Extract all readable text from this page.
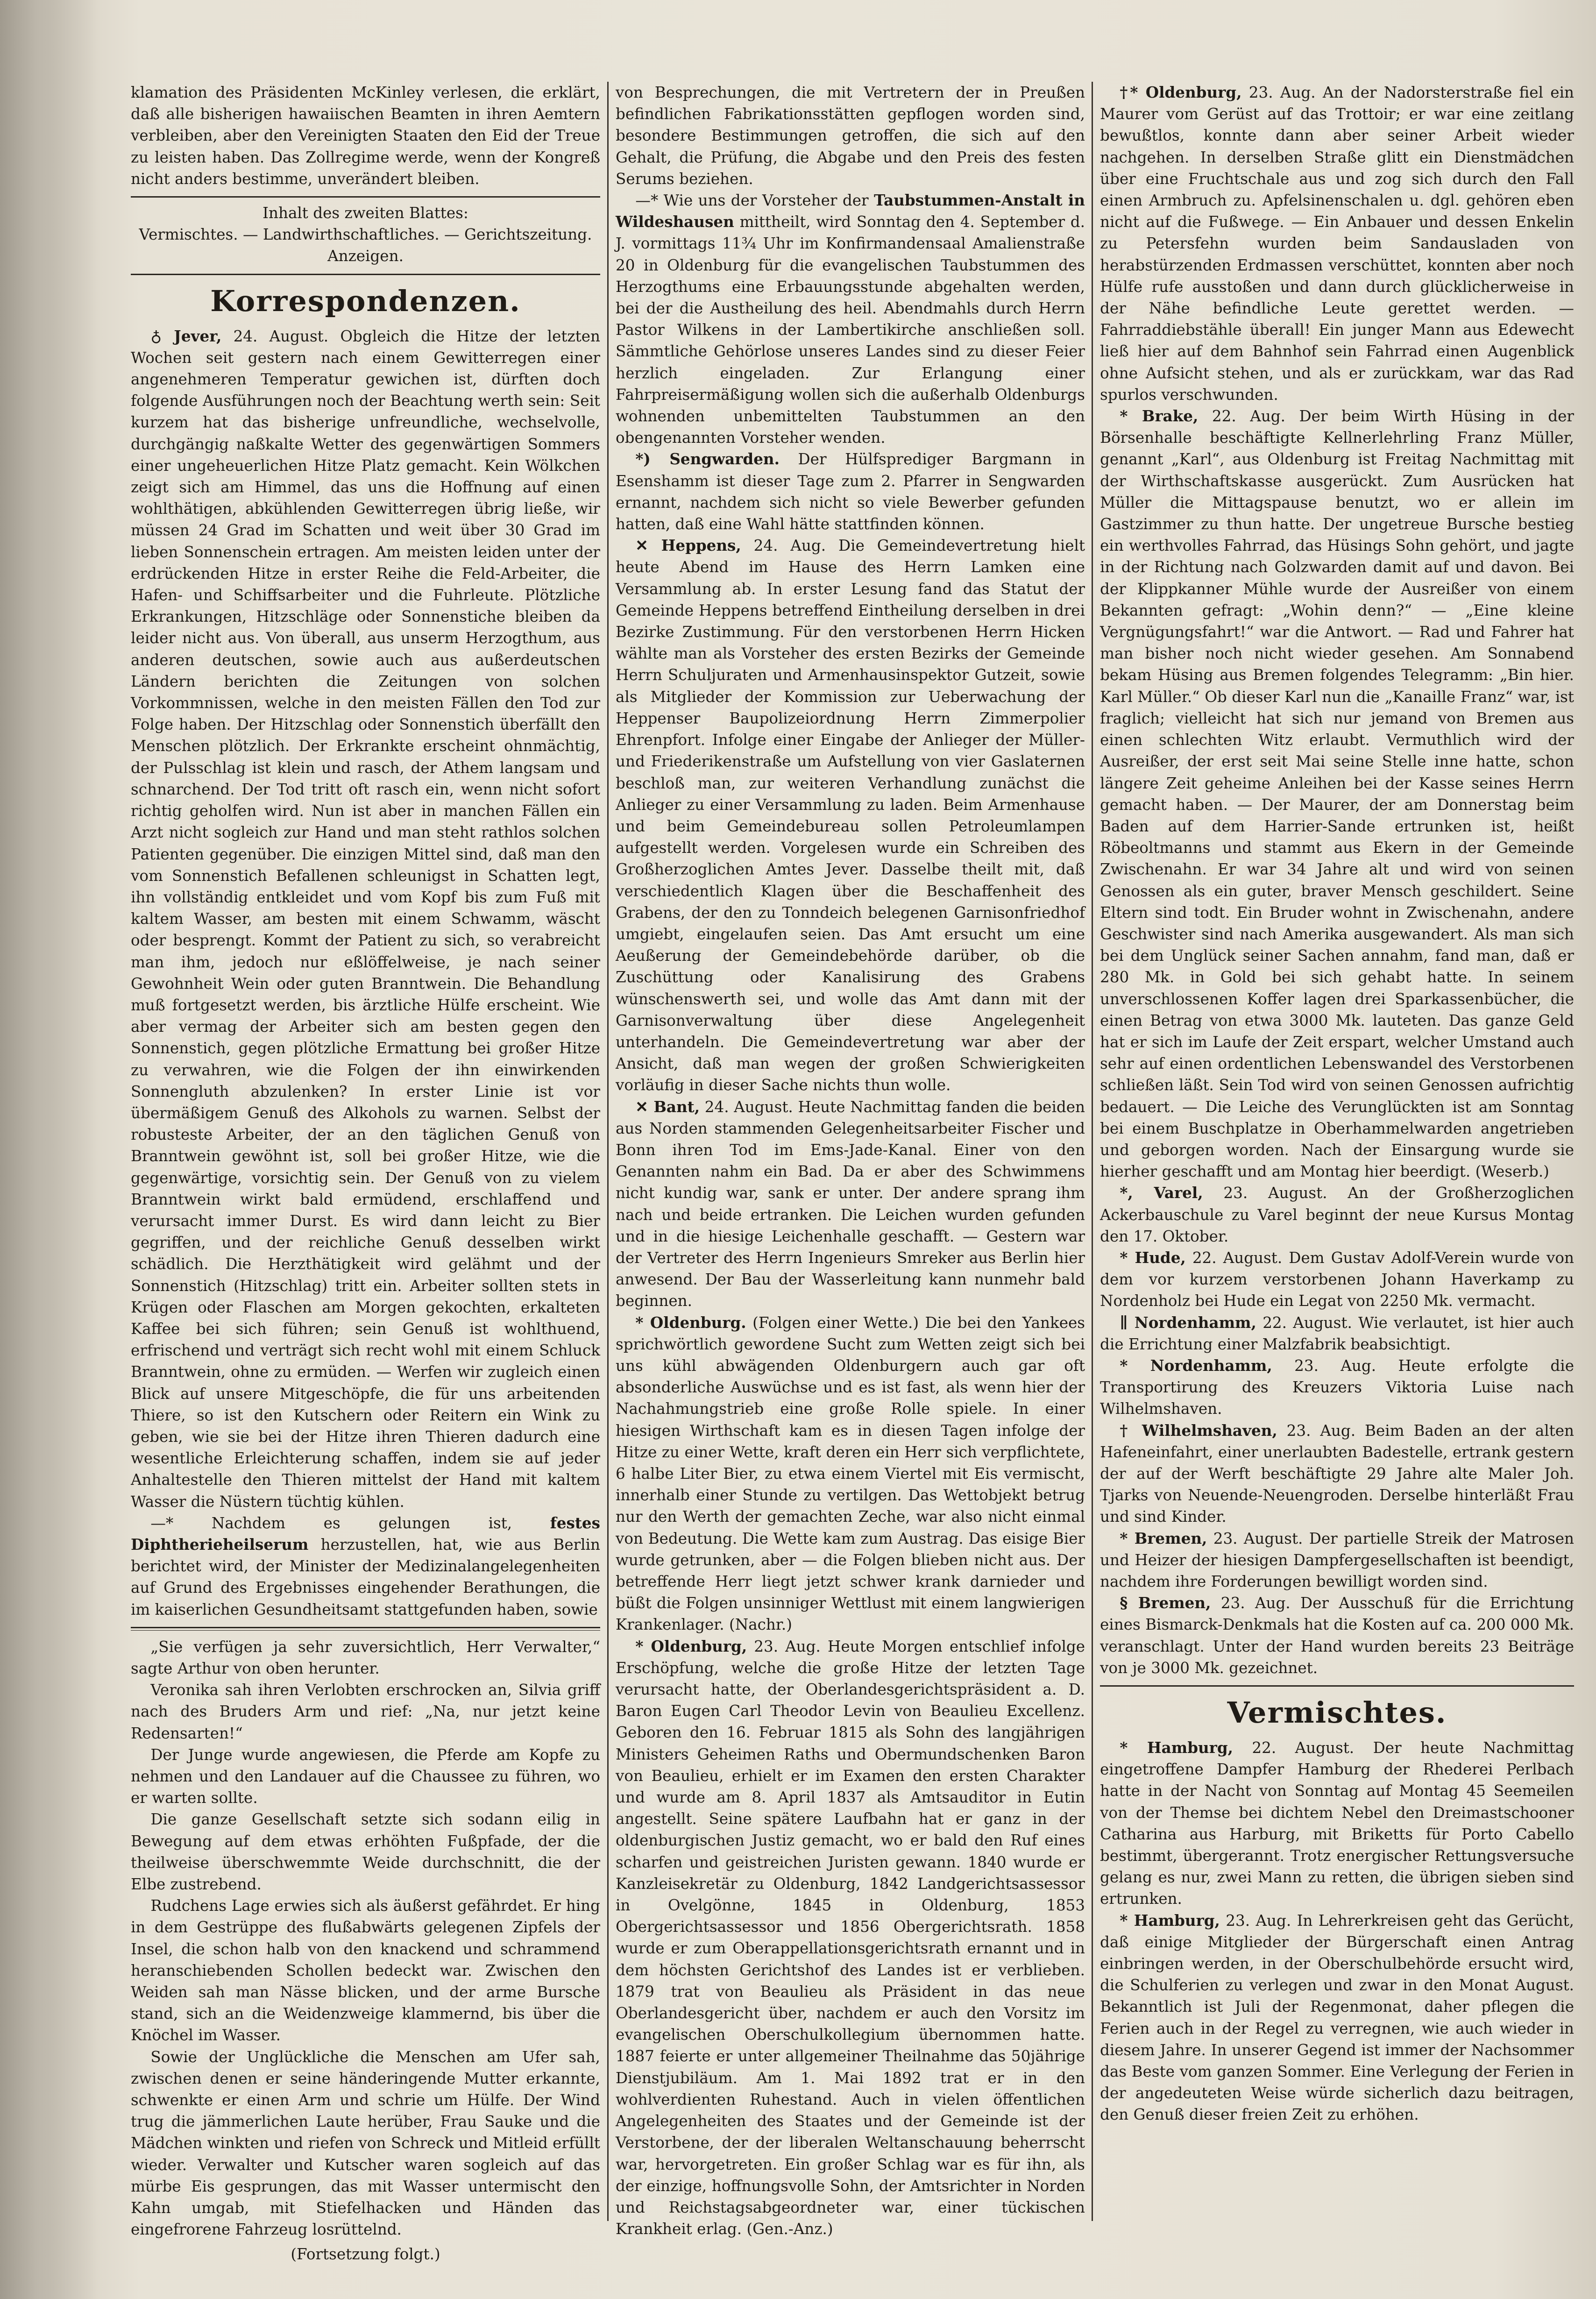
klamation des Präsidenten McKinley verlesen, die erklärt, daß alle bisherigen hawaiischen Beamten in ihren Aemtern verbleiben, aber den Vereinigten Staaten den Eid der Treue zu leisten haben. Das Zollregime werde, wenn der Kongreß nicht anders bestimme, unverändert bleiben.

Inhalt des zweiten Blattes:

Vermischtes. — Landwirthschaftliches. — Gerichtszeitung. Anzeigen.

Korrespondenzen.

♁ Jever, 24. August. Obgleich die Hitze der letzten Wochen seit gestern nach einem Gewitterregen einer angenehmeren Temperatur gewichen ist, dürften doch folgende Ausführungen noch der Beachtung werth sein: Seit kurzem hat das bisherige unfreundliche, wechselvolle, durchgängig naßkalte Wetter des gegenwärtigen Sommers einer ungeheuerlichen Hitze Platz gemacht. Kein Wölkchen zeigt sich am Himmel, das uns die Hoffnung auf einen wohlthätigen, abkühlenden Gewitterregen übrig ließe, wir müssen 24 Grad im Schatten und weit über 30 Grad im lieben Sonnenschein ertragen. Am meisten leiden unter der erdrückenden Hitze in erster Reihe die Feld-Arbeiter, die Hafen- und Schiffsarbeiter und die Fuhrleute. Plötzliche Erkrankungen, Hitzschläge oder Sonnenstiche bleiben da leider nicht aus. Von überall, aus unserm Herzogthum, aus anderen deutschen, sowie auch aus außerdeutschen Ländern berichten die Zeitungen von solchen Vorkommnissen, welche in den meisten Fällen den Tod zur Folge haben. Der Hitzschlag oder Sonnenstich überfällt den Menschen plötzlich. Der Erkrankte erscheint ohnmächtig, der Pulsschlag ist klein und rasch, der Athem langsam und schnarchend. Der Tod tritt oft rasch ein, wenn nicht sofort richtig geholfen wird. Nun ist aber in manchen Fällen ein Arzt nicht sogleich zur Hand und man steht rathlos solchen Patienten gegenüber. Die einzigen Mittel sind, daß man den vom Sonnenstich Befallenen schleunigst in Schatten legt, ihn vollständig entkleidet und vom Kopf bis zum Fuß mit kaltem Wasser, am besten mit einem Schwamm, wäscht oder besprengt. Kommt der Patient zu sich, so verabreicht man ihm, jedoch nur eßlöffelweise, je nach seiner Gewohnheit Wein oder guten Branntwein. Die Behandlung muß fortgesetzt werden, bis ärztliche Hülfe erscheint. Wie aber vermag der Arbeiter sich am besten gegen den Sonnenstich, gegen plötzliche Ermattung bei großer Hitze zu verwahren, wie die Folgen der ihn einwirkenden Sonnengluth abzulenken? In erster Linie ist vor übermäßigem Genuß des Alkohols zu warnen. Selbst der robusteste Arbeiter, der an den täglichen Genuß von Branntwein gewöhnt ist, soll bei großer Hitze, wie die gegenwärtige, vorsichtig sein. Der Genuß von zu vielem Branntwein wirkt bald ermüdend, erschlaffend und verursacht immer Durst. Es wird dann leicht zu Bier gegriffen, und der reichliche Genuß desselben wirkt schädlich. Die Herzthätigkeit wird gelähmt und der Sonnenstich (Hitzschlag) tritt ein. Arbeiter sollten stets in Krügen oder Flaschen am Morgen gekochten, erkalteten Kaffee bei sich führen; sein Genuß ist wohlthuend, erfrischend und verträgt sich recht wohl mit einem Schluck Branntwein, ohne zu ermüden. — Werfen wir zugleich einen Blick auf unsere Mitgeschöpfe, die für uns arbeitenden Thiere, so ist den Kutschern oder Reitern ein Wink zu geben, wie sie bei der Hitze ihren Thieren dadurch eine wesentliche Erleichterung schaffen, indem sie auf jeder Anhaltestelle den Thieren mittelst der Hand mit kaltem Wasser die Nüstern tüchtig kühlen.

—* Nachdem es gelungen ist, festes Diphtherieheilserum herzustellen, hat, wie aus Berlin berichtet wird, der Minister der Medizinalangelegenheiten auf Grund des Ergebnisses eingehender Berathungen, die im kaiserlichen Gesundheitsamt stattgefunden haben, sowie

„Sie verfügen ja sehr zuversichtlich, Herr Verwalter,“ sagte Arthur von oben herunter.

Veronika sah ihren Verlobten erschrocken an, Silvia griff nach des Bruders Arm und rief: „Na, nur jetzt keine Redensarten!“

Der Junge wurde angewiesen, die Pferde am Kopfe zu nehmen und den Landauer auf die Chaussee zu führen, wo er warten sollte.

Die ganze Gesellschaft setzte sich sodann eilig in Bewegung auf dem etwas erhöhten Fußpfade, der die theilweise überschwemmte Weide durchschnitt, die der Elbe zustrebend.

Rudchens Lage erwies sich als äußerst gefährdet. Er hing in dem Gestrüppe des flußabwärts gelegenen Zipfels der Insel, die schon halb von den knackend und schrammend heranschiebenden Schollen bedeckt war. Zwischen den Weiden sah man Nässe blicken, und der arme Bursche stand, sich an die Weidenzweige klammernd, bis über die Knöchel im Wasser.

Sowie der Unglückliche die Menschen am Ufer sah, zwischen denen er seine händeringende Mutter erkannte, schwenkte er einen Arm und schrie um Hülfe. Der Wind trug die jämmerlichen Laute herüber, Frau Sauke und die Mädchen winkten und riefen von Schreck und Mitleid erfüllt wieder. Verwalter und Kutscher waren sogleich auf das mürbe Eis gesprungen, das mit Wasser untermischt den Kahn umgab, mit Stiefelhacken und Händen das eingefrorene Fahrzeug losrüttelnd.

(Fortsetzung folgt.)

von Besprechungen, die mit Vertretern der in Preußen befindlichen Fabrikationsstätten gepflogen worden sind, besondere Bestimmungen getroffen, die sich auf den Gehalt, die Prüfung, die Abgabe und den Preis des festen Serums beziehen.

—* Wie uns der Vorsteher der Taubstummen-Anstalt in Wildeshausen mittheilt, wird Sonntag den 4. September d. J. vormittags 11¾ Uhr im Konfirmandensaal Amalienstraße 20 in Oldenburg für die evangelischen Taubstummen des Herzogthums eine Erbauungsstunde abgehalten werden, bei der die Austheilung des heil. Abendmahls durch Herrn Pastor Wilkens in der Lambertikirche anschließen soll. Sämmtliche Gehörlose unseres Landes sind zu dieser Feier herzlich eingeladen. Zur Erlangung einer Fahrpreisermäßigung wollen sich die außerhalb Oldenburgs wohnenden unbemittelten Taubstummen an den obengenannten Vorsteher wenden.

*) Sengwarden. Der Hülfsprediger Bargmann in Esenshamm ist dieser Tage zum 2. Pfarrer in Sengwarden ernannt, nachdem sich nicht so viele Bewerber gefunden hatten, daß eine Wahl hätte stattfinden können.

✕ Heppens, 24. Aug. Die Gemeindevertretung hielt heute Abend im Hause des Herrn Lamken eine Versammlung ab. In erster Lesung fand das Statut der Gemeinde Heppens betreffend Eintheilung derselben in drei Bezirke Zustimmung. Für den verstorbenen Herrn Hicken wählte man als Vorsteher des ersten Bezirks der Gemeinde Herrn Schuljuraten und Armenhausinspektor Gutzeit, sowie als Mitglieder der Kommission zur Ueberwachung der Heppenser Baupolizeiordnung Herrn Zimmerpolier Ehrenpfort. Infolge einer Eingabe der Anlieger der Müller- und Friederikenstraße um Aufstellung von vier Gaslaternen beschloß man, zur weiteren Verhandlung zunächst die Anlieger zu einer Versammlung zu laden. Beim Armenhause und beim Gemeindebureau sollen Petroleumlampen aufgestellt werden. Vorgelesen wurde ein Schreiben des Großherzoglichen Amtes Jever. Dasselbe theilt mit, daß verschiedentlich Klagen über die Beschaffenheit des Grabens, der den zu Tonndeich belegenen Garnisonfriedhof umgiebt, eingelaufen seien. Das Amt ersucht um eine Aeußerung der Gemeindebehörde darüber, ob die Zuschüttung oder Kanalisirung des Grabens wünschenswerth sei, und wolle das Amt dann mit der Garnisonverwaltung über diese Angelegenheit unterhandeln. Die Gemeindevertretung war aber der Ansicht, daß man wegen der großen Schwierigkeiten vorläufig in dieser Sache nichts thun wolle.

✕ Bant, 24. August. Heute Nachmittag fanden die beiden aus Norden stammenden Gelegenheitsarbeiter Fischer und Bonn ihren Tod im Ems-Jade-Kanal. Einer von den Genannten nahm ein Bad. Da er aber des Schwimmens nicht kundig war, sank er unter. Der andere sprang ihm nach und beide ertranken. Die Leichen wurden gefunden und in die hiesige Leichenhalle geschafft. — Gestern war der Vertreter des Herrn Ingenieurs Smreker aus Berlin hier anwesend. Der Bau der Wasserleitung kann nunmehr bald beginnen.

* Oldenburg. (Folgen einer Wette.) Die bei den Yankees sprichwörtlich gewordene Sucht zum Wetten zeigt sich bei uns kühl abwägenden Oldenburgern auch gar oft absonderliche Auswüchse und es ist fast, als wenn hier der Nachahmungstrieb eine große Rolle spiele. In einer hiesigen Wirthschaft kam es in diesen Tagen infolge der Hitze zu einer Wette, kraft deren ein Herr sich verpflichtete, 6 halbe Liter Bier, zu etwa einem Viertel mit Eis vermischt, innerhalb einer Stunde zu vertilgen. Das Wettobjekt betrug nur den Werth der gemachten Zeche, war also nicht einmal von Bedeutung. Die Wette kam zum Austrag. Das eisige Bier wurde getrunken, aber — die Folgen blieben nicht aus. Der betreffende Herr liegt jetzt schwer krank darnieder und büßt die Folgen unsinniger Wettlust mit einem langwierigen Krankenlager. (Nachr.)

* Oldenburg, 23. Aug. Heute Morgen entschlief infolge Erschöpfung, welche die große Hitze der letzten Tage verursacht hatte, der Oberlandesgerichtspräsident a. D. Baron Eugen Carl Theodor Levin von Beaulieu Excellenz. Geboren den 16. Februar 1815 als Sohn des langjährigen Ministers Geheimen Raths und Obermundschenken Baron von Beaulieu, erhielt er im Examen den ersten Charakter und wurde am 8. April 1837 als Amtsauditor in Eutin angestellt. Seine spätere Laufbahn hat er ganz in der oldenburgischen Justiz gemacht, wo er bald den Ruf eines scharfen und geistreichen Juristen gewann. 1840 wurde er Kanzleisekretär zu Oldenburg, 1842 Landgerichtsassessor in Ovelgönne, 1845 in Oldenburg, 1853 Obergerichtsassessor und 1856 Obergerichtsrath. 1858 wurde er zum Oberappellationsgerichtsrath ernannt und in dem höchsten Gerichtshof des Landes ist er verblieben. 1879 trat von Beaulieu als Präsident in das neue Oberlandesgericht über, nachdem er auch den Vorsitz im evangelischen Oberschulkollegium übernommen hatte. 1887 feierte er unter allgemeiner Theilnahme das 50jährige Dienstjubiläum. Am 1. Mai 1892 trat er in den wohlverdienten Ruhestand. Auch in vielen öffentlichen Angelegenheiten des Staates und der Gemeinde ist der Verstorbene, der der liberalen Weltanschauung beherrscht war, hervorgetreten. Ein großer Schlag war es für ihn, als der einzige, hoffnungsvolle Sohn, der Amtsrichter in Norden und Reichstagsabgeordneter war, einer tückischen Krankheit erlag. (Gen.-Anz.)

†* Oldenburg, 23. Aug. An der Nadorsterstraße fiel ein Maurer vom Gerüst auf das Trottoir; er war eine zeitlang bewußtlos, konnte dann aber seiner Arbeit wieder nachgehen. In derselben Straße glitt ein Dienstmädchen über eine Fruchtschale aus und zog sich durch den Fall einen Armbruch zu. Apfelsinenschalen u. dgl. gehören eben nicht auf die Fußwege. — Ein Anbauer und dessen Enkelin zu Petersfehn wurden beim Sandausladen von herabstürzenden Erdmassen verschüttet, konnten aber noch Hülfe rufe ausstoßen und dann durch glücklicherweise in der Nähe befindliche Leute gerettet werden. — Fahrraddiebstähle überall! Ein junger Mann aus Edewecht ließ hier auf dem Bahnhof sein Fahrrad einen Augenblick ohne Aufsicht stehen, und als er zurückkam, war das Rad spurlos verschwunden.

* Brake, 22. Aug. Der beim Wirth Hüsing in der Börsenhalle beschäftigte Kellnerlehrling Franz Müller, genannt „Karl“, aus Oldenburg ist Freitag Nachmittag mit der Wirthschaftskasse ausgerückt. Zum Ausrücken hat Müller die Mittagspause benutzt, wo er allein im Gastzimmer zu thun hatte. Der ungetreue Bursche bestieg ein werthvolles Fahrrad, das Hüsings Sohn gehört, und jagte in der Richtung nach Golzwarden damit auf und davon. Bei der Klippkanner Mühle wurde der Ausreißer von einem Bekannten gefragt: „Wohin denn?“ — „Eine kleine Vergnügungsfahrt!“ war die Antwort. — Rad und Fahrer hat man bisher noch nicht wieder gesehen. Am Sonnabend bekam Hüsing aus Bremen folgendes Telegramm: „Bin hier. Karl Müller.“ Ob dieser Karl nun die „Kanaille Franz“ war, ist fraglich; vielleicht hat sich nur jemand von Bremen aus einen schlechten Witz erlaubt. Vermuthlich wird der Ausreißer, der erst seit Mai seine Stelle inne hatte, schon längere Zeit geheime Anleihen bei der Kasse seines Herrn gemacht haben. — Der Maurer, der am Donnerstag beim Baden auf dem Harrier-Sande ertrunken ist, heißt Röbeoltmanns und stammt aus Ekern in der Gemeinde Zwischenahn. Er war 34 Jahre alt und wird von seinen Genossen als ein guter, braver Mensch geschildert. Seine Eltern sind todt. Ein Bruder wohnt in Zwischenahn, andere Geschwister sind nach Amerika ausgewandert. Als man sich bei dem Unglück seiner Sachen annahm, fand man, daß er 280 Mk. in Gold bei sich gehabt hatte. In seinem unverschlossenen Koffer lagen drei Sparkassenbücher, die einen Betrag von etwa 3000 Mk. lauteten. Das ganze Geld hat er sich im Laufe der Zeit erspart, welcher Umstand auch sehr auf einen ordentlichen Lebenswandel des Verstorbenen schließen läßt. Sein Tod wird von seinen Genossen aufrichtig bedauert. — Die Leiche des Verunglückten ist am Sonntag bei einem Buschplatze in Oberhammelwarden angetrieben und geborgen worden. Nach der Einsargung wurde sie hierher geschafft und am Montag hier beerdigt. (Weserb.)

*, Varel, 23. August. An der Großherzoglichen Ackerbauschule zu Varel beginnt der neue Kursus Montag den 17. Oktober.

* Hude, 22. August. Dem Gustav Adolf-Verein wurde von dem vor kurzem verstorbenen Johann Haverkamp zu Nordenholz bei Hude ein Legat von 2250 Mk. vermacht.

∥ Nordenhamm, 22. August. Wie verlautet, ist hier auch die Errichtung einer Malzfabrik beabsichtigt.

* Nordenhamm, 23. Aug. Heute erfolgte die Transportirung des Kreuzers Viktoria Luise nach Wilhelmshaven.

† Wilhelmshaven, 23. Aug. Beim Baden an der alten Hafeneinfahrt, einer unerlaubten Badestelle, ertrank gestern der auf der Werft beschäftigte 29 Jahre alte Maler Joh. Tjarks von Neuende-Neuengroden. Derselbe hinterläßt Frau und sind Kinder.

* Bremen, 23. August. Der partielle Streik der Matrosen und Heizer der hiesigen Dampfergesellschaften ist beendigt, nachdem ihre Forderungen bewilligt worden sind.

§ Bremen, 23. Aug. Der Ausschuß für die Errichtung eines Bismarck-Denkmals hat die Kosten auf ca. 200 000 Mk. veranschlagt. Unter der Hand wurden bereits 23 Beiträge von je 3000 Mk. gezeichnet.

Vermischtes.

* Hamburg, 22. August. Der heute Nachmittag eingetroffene Dampfer Hamburg der Rhederei Perlbach hatte in der Nacht von Sonntag auf Montag 45 Seemeilen von der Themse bei dichtem Nebel den Dreimastschooner Catharina aus Harburg, mit Briketts für Porto Cabello bestimmt, übergerannt. Trotz energischer Rettungsversuche gelang es nur, zwei Mann zu retten, die übrigen sieben sind ertrunken.

* Hamburg, 23. Aug. In Lehrerkreisen geht das Gerücht, daß einige Mitglieder der Bürgerschaft einen Antrag einbringen werden, in der Oberschulbehörde ersucht wird, die Schulferien zu verlegen und zwar in den Monat August. Bekanntlich ist Juli der Regenmonat, daher pflegen die Ferien auch in der Regel zu verregnen, wie auch wieder in diesem Jahre. In unserer Gegend ist immer der Nachsommer das Beste vom ganzen Sommer. Eine Verlegung der Ferien in der angedeuteten Weise würde sicherlich dazu beitragen, den Genuß dieser freien Zeit zu erhöhen.
